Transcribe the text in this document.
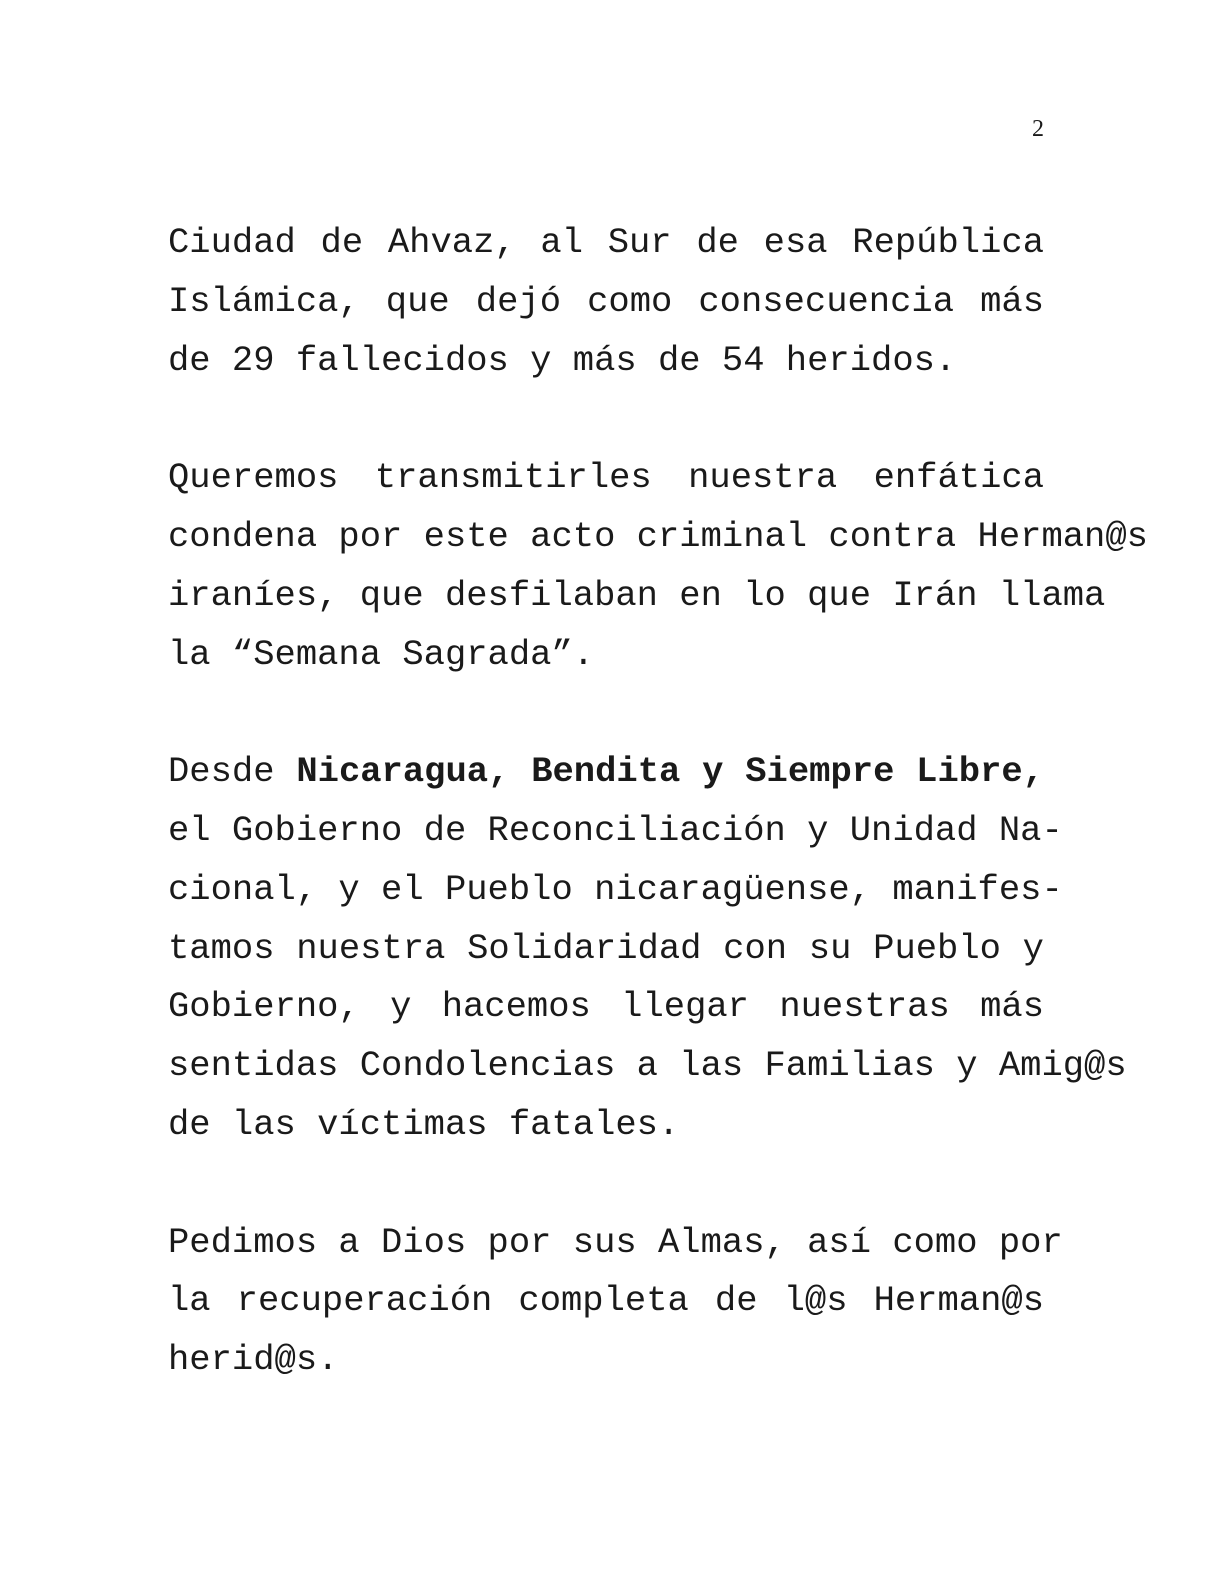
2

Ciudad de Ahvaz, al Sur de esa República
Islámica, que dejó como consecuencia más
de 29 fallecidos y más de 54 heridos.

Queremos transmitirles nuestra enfática
condena por este acto criminal contra Herman@s
iraníes, que desfilaban en lo que Irán llama
la “Semana Sagrada”.

Desde Nicaragua, Bendita y Siempre Libre,
el Gobierno de Reconciliación y Unidad Na-
cional, y el Pueblo nicaragüense, manifes-
tamos nuestra Solidaridad con su Pueblo y
Gobierno, y hacemos llegar nuestras más
sentidas Condolencias a las Familias y Amig@s
de las víctimas fatales.

Pedimos a Dios por sus Almas, así como por
la recuperación completa de l@s Herman@s
herid@s.
